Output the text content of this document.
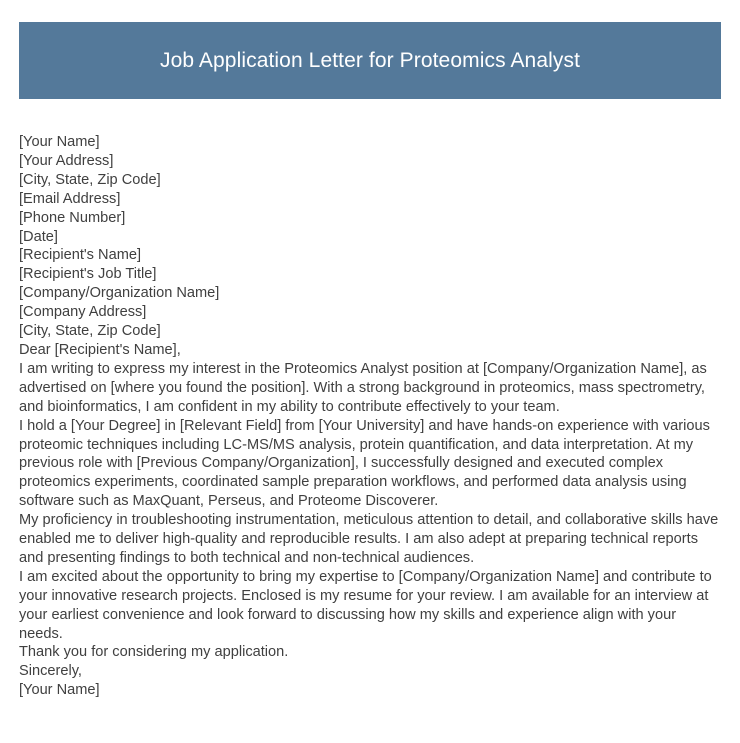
Job Application Letter for Proteomics Analyst
[Your Name]
[Your Address]
[City, State, Zip Code]
[Email Address]
[Phone Number]
[Date]
[Recipient's Name]
[Recipient's Job Title]
[Company/Organization Name]
[Company Address]
[City, State, Zip Code]
Dear [Recipient's Name],

I am writing to express my interest in the Proteomics Analyst position at [Company/Organization Name], as advertised on [where you found the position]. With a strong background in proteomics, mass spectrometry, and bioinformatics, I am confident in my ability to contribute effectively to your team.

I hold a [Your Degree] in [Relevant Field] from [Your University] and have hands-on experience with various proteomic techniques including LC-MS/MS analysis, protein quantification, and data interpretation. At my previous role with [Previous Company/Organization], I successfully designed and executed complex proteomics experiments, coordinated sample preparation workflows, and performed data analysis using software such as MaxQuant, Perseus, and Proteome Discoverer.

My proficiency in troubleshooting instrumentation, meticulous attention to detail, and collaborative skills have enabled me to deliver high-quality and reproducible results. I am also adept at preparing technical reports and presenting findings to both technical and non-technical audiences.

I am excited about the opportunity to bring my expertise to [Company/Organization Name] and contribute to your innovative research projects. Enclosed is my resume for your review. I am available for an interview at your earliest convenience and look forward to discussing how my skills and experience align with your needs.

Thank you for considering my application.
Sincerely,
[Your Name]
